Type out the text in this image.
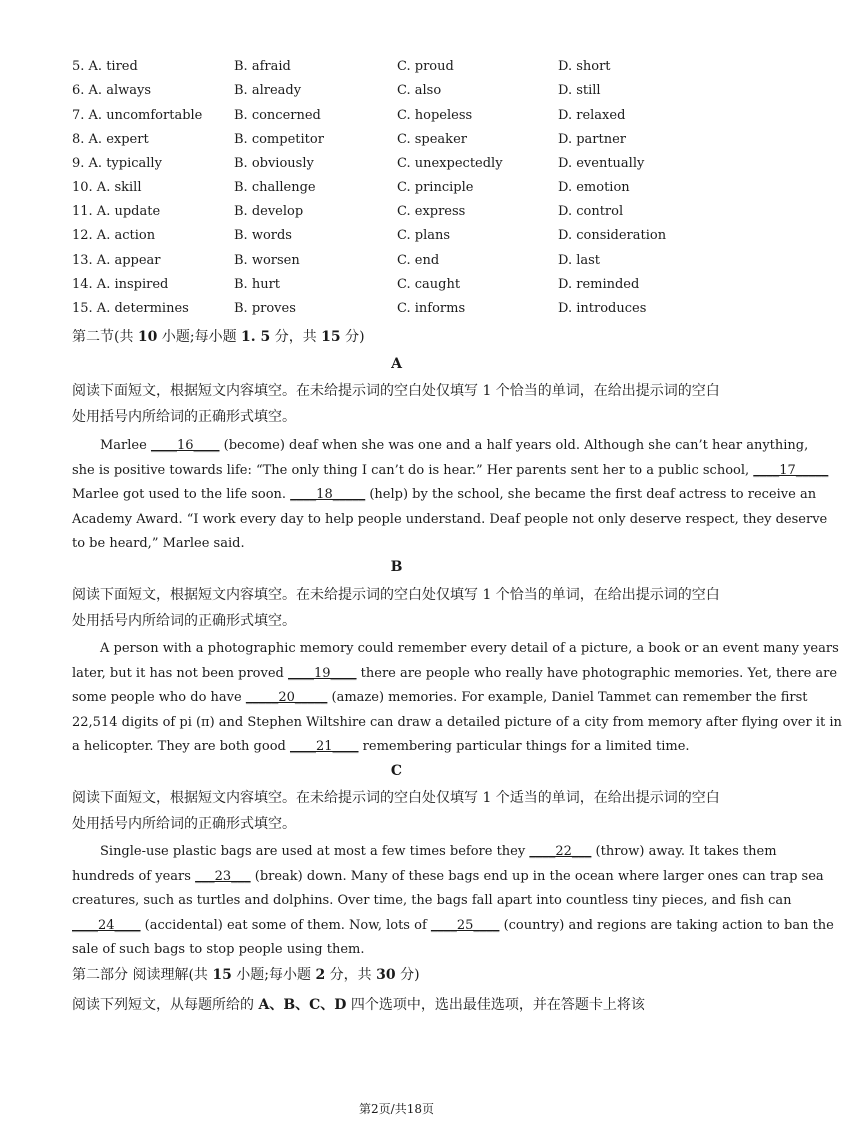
5. A. tired	B. afraid	C. proud	D. short
6. A. always	B. already	C. also	D. still
7. A. uncomfortable B. concerned	C. hopeless	D. relaxed
8. A. expert	B. competitor	C. speaker	D. partner
9. A. typically	B. obviously	C. unexpectedly	D. eventually
10. A. skill	B. challenge	C. principle	D. emotion
11. A. update	B. develop	C. express	D. control
12. A. action	B. words	C. plans	D. consideration
13. A. appear	B. worsen	C. end	D. last
14. A. inspired	B. hurt	C. caught	D. reminded
15. A. determines	B. proves	C. informs	D. introduces
第二节(共 10 小题;每小题 1. 5 分，共 15 分)
A
阅读下面短文，根据短文内容填空。在未给提示词的空白处仅填写 1 个恰当的单词，在给出提示词的空白
处用括号内所给词的正确形式填空。
Marlee ____16____ (become) deaf when she was one and a half years old. Although she can’t hear anything,
she is positive towards life: “The only thing I can’t do is hear.” Her parents sent her to a public school, ____17_____
Marlee got used to the life soon. ____18_____ (help) by the school, she became the first deaf actress to receive an
Academy Award. “I work every day to help people understand. Deaf people not only deserve respect, they deserve
to be heard,” Marlee said.
B
阅读下面短文，根据短文内容填空。在未给提示词的空白处仅填写 1 个恰当的单词，在给出提示词的空白
处用括号内所给词的正确形式填空。
A person with a photographic memory could remember every detail of a picture, a book or an event many years
later, but it has not been proved ____19____ there are people who really have photographic memories. Yet, there are
some people who do have _____20_____ (amaze) memories. For example, Daniel Tammet can remember the first
22,514 digits of pi (π) and Stephen Wiltshire can draw a detailed picture of a city from memory after flying over it in
a helicopter. They are both good ____21____ remembering particular things for a limited time.
C
阅读下面短文，根据短文内容填空。在未给提示词的空白处仅填写 1 个适当的单词，在给出提示词的空白
处用括号内所给词的正确形式填空。
Single-use plastic bags are used at most a few times before they ____22___ (throw) away. It takes them
hundreds of years ___23___ (break) down. Many of these bags end up in the ocean where larger ones can trap sea
creatures, such as turtles and dolphins. Over time, the bags fall apart into countless tiny pieces, and fish can
____24____ (accidental) eat some of them. Now, lots of ____25____ (country) and regions are taking action to ban the
sale of such bags to stop people using them.
第二部分 阅读理解(共 15 小题;每小题 2 分，共 30 分)
阅读下列短文，从每题所给的 A、B、C、D 四个选项中，选出最佳选项，并在答题卡上将该
第2页/共18页
